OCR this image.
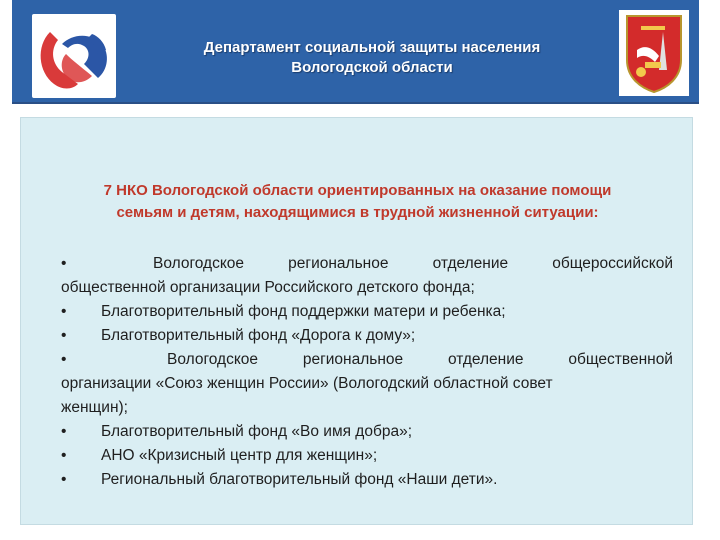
Департамент социальной защиты населения
Вологодской области
7 НКО Вологодской области ориентированных на оказание помощи
семьям и детям, находящимися в трудной жизненной ситуации:
•	Вологодское	региональное	отделение	общероссийской
общественной организации Российского детского фонда;
•	Благотворительный фонд поддержки матери и ребенка;
•	Благотворительный фонд «Дорога к дому»;
•	Вологодское	региональное	отделение	общественной
организации «Союз женщин России» (Вологодский областной совет
женщин);
•	Благотворительный фонд «Во имя добра»;
•	АНО «Кризисный центр для женщин»;
•	Региональный благотворительный фонд «Наши дети».
